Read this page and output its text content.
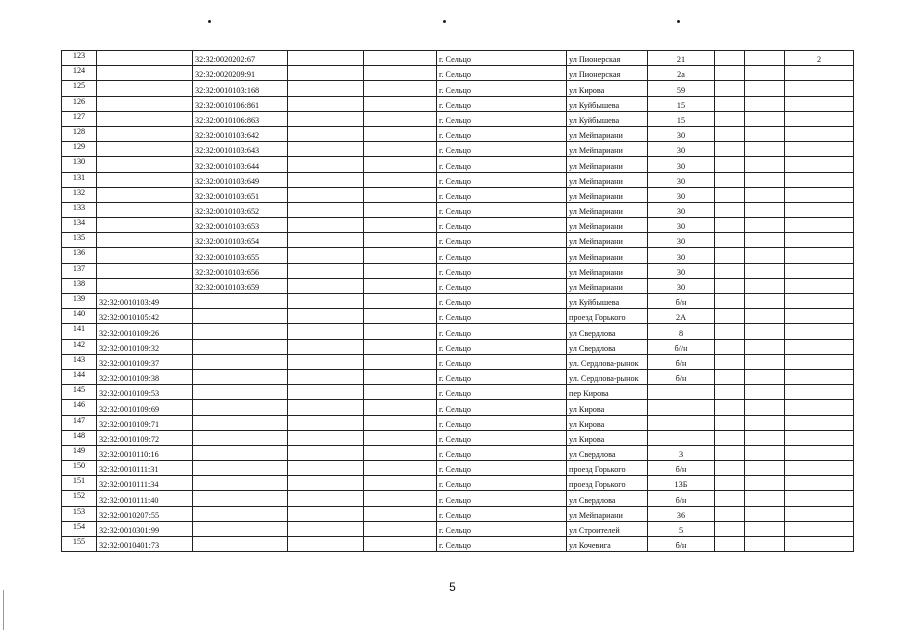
123		32:32:0020202:67			г. Сельцо	ул Пионерская	21			2
124		32:32:0020209:91			г. Сельцо	ул Пионерская	2а			
125		32:32:0010103:168			г. Сельцо	ул Кирова	59			
126		32:32:0010106:861			г. Сельцо	ул Куйбышева	15			
127		32:32:0010106:863			г. Сельцо	ул Куйбышева	15			
128		32:32:0010103:642			г. Сельцо	ул Мейпариани	30			
129		32:32:0010103:643			г. Сельцо	ул Мейпариани	30			
130		32:32:0010103:644			г. Сельцо	ул Мейпариани	30			
131		32:32:0010103:649			г. Сельцо	ул Мейпариани	30			
132		32:32:0010103:651			г. Сельцо	ул Мейпариани	30			
133		32:32:0010103:652			г. Сельцо	ул Мейпариани	30			
134		32:32:0010103:653			г. Сельцо	ул Мейпариани	30			
135		32:32:0010103:654			г. Сельцо	ул Мейпариани	30			
136		32:32:0010103:655			г. Сельцо	ул Мейпариани	30			
137		32:32:0010103:656			г. Сельцо	ул Мейпариани	30			
138		32:32:0010103:659			г. Сельцо	ул Мейпариани	30			
139	32:32:0010103:49				г. Сельцо	ул Куйбышева	б/н			
140	32:32:0010105:42				г. Сельцо	проезд Горького	2А			
141	32:32:0010109:26				г. Сельцо	ул Свердлова	8			
142	32:32:0010109:32				г. Сельцо	ул Свердлова	б//н			
143	32:32:0010109:37				г. Сельцо	ул. Сердлова-рынок	б/н			
144	32:32:0010109:38				г. Сельцо	ул. Сердлова-рынок	б/н			
145	32:32:0010109:53				г. Сельцо	пер Кирова				
146	32:32:0010109:69				г. Сельцо	ул Кирова				
147	32:32:0010109:71				г. Сельцо	ул Кирова				
148	32:32:0010109:72				г. Сельцо	ул Кирова				
149	32:32:0010110:16				г. Сельцо	ул Свердлова	3			
150	32:32:0010111:31				г. Сельцо	проезд Горького	б/н			
151	32:32:0010111:34				г. Сельцо	проезд Горького	13Б			
152	32:32:0010111:40				г. Сельцо	ул Свердлова	б/н			
153	32:32:0010207:55				г. Сельцо	ул Мейпариани	36			
154	32:32:0010301:99				г. Сельцо	ул Строителей	5			
155	32:32:0010401:73				г. Сельцо	ул Кочевига	б/н			
5
